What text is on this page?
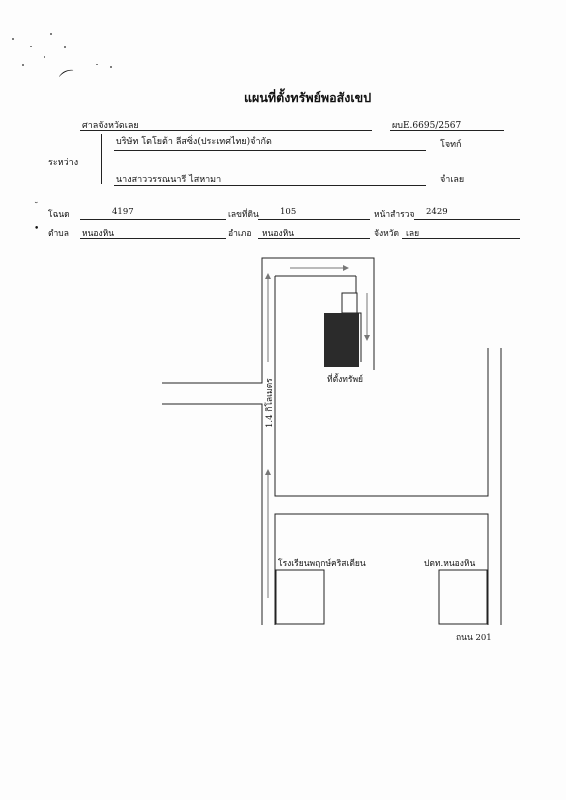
⌒
แผนที่ตั้งทรัพย์พอสังเขป
ศาลจังหวัดเลย	ผบE.6695/2567
ระหว่าง
บริษัท โตโยต้า ลีสซิ่ง(ประเทศไทย)จำกัด	โจทก์
นางสาววรรณนารี ไสหามา	จำเลย
โฉนด	4197	เลขที่ดิน 105	หน้าสำรวจ 2429
ตำบล หนองหิน	อำเภอ หนองหิน	จังหวัด เลย
˘
•
ที่ตั้งทรัพย์
1.4 กิโลเมตร
โรงเรียนพฤกษ์คริสเตียน	ปตท.หนองหิน
ถนน 201
